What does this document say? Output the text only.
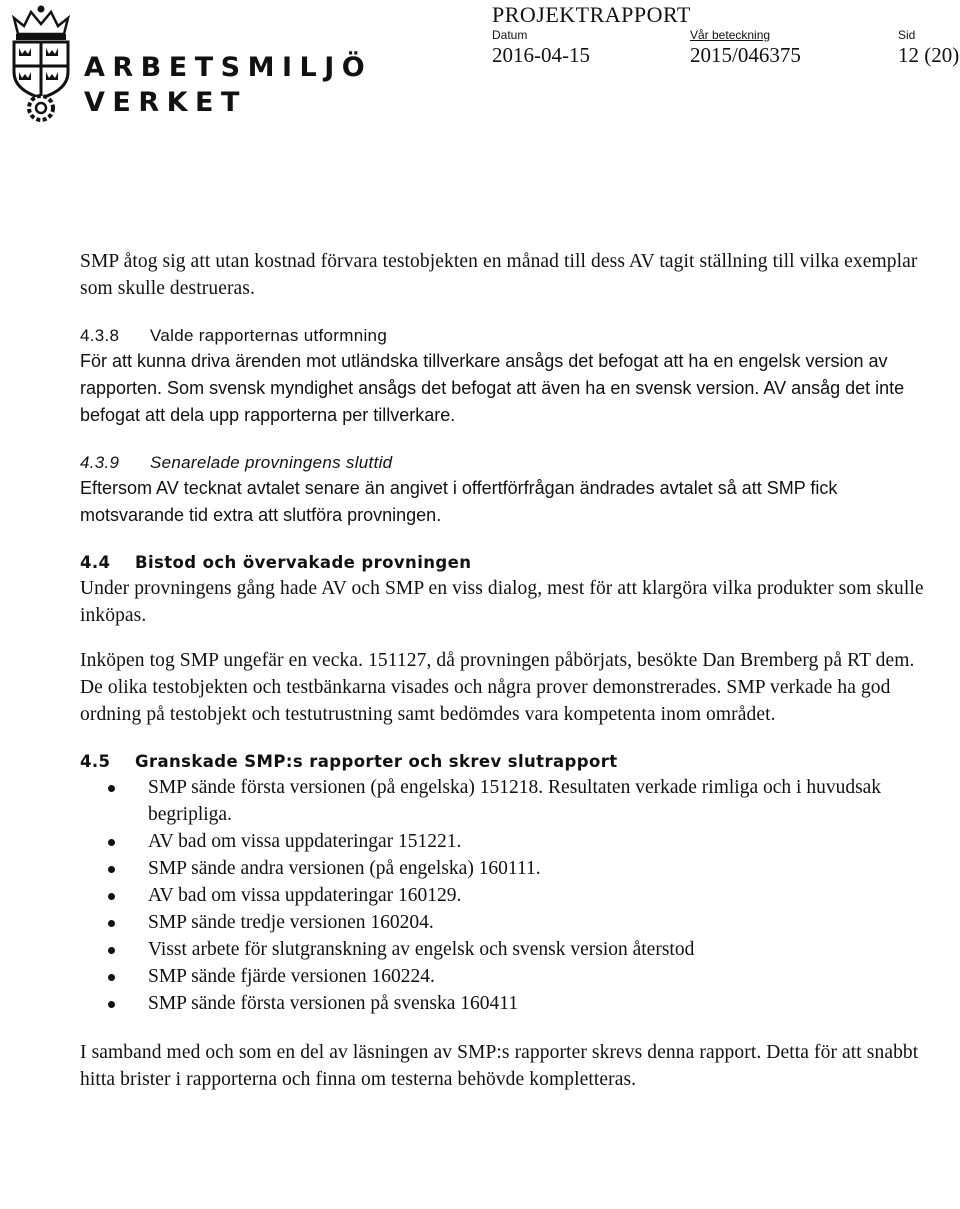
ARBETSMILJÖ
VERKET
PROJEKTRAPPORT
Datum	Vår beteckning	Sid
2016-04-15	2015/046375	12 (20)

SMP åtog sig att utan kostnad förvara testobjekten en månad till dess AV tagit ställning till vilka exemplar som skulle destrueras.

4.3.8	Valde rapporternas utformning

För att kunna driva ärenden mot utländska tillverkare ansågs det befogat att ha en engelsk version av rapporten. Som svensk myndighet ansågs det befogat att även ha en svensk version. AV ansåg det inte befogat att dela upp rapporterna per tillverkare.

4.3.9	Senarelade provningens sluttid

Eftersom AV tecknat avtalet senare än angivet i offertförfrågan ändrades avtalet så att SMP fick motsvarande tid extra att slutföra provningen.

4.4	Bistod och övervakade provningen

Under provningens gång hade AV och SMP en viss dialog, mest för att klargöra vilka produkter som skulle inköpas.

Inköpen tog SMP ungefär en vecka. 151127, då provningen påbörjats, besökte Dan Bremberg på RT dem. De olika testobjekten och testbänkarna visades och några prover demonstrerades. SMP verkade ha god ordning på testobjekt och testutrustning samt bedömdes vara kompetenta inom området.

4.5	Granskade SMP:s rapporter och skrev slutrapport
SMP sände första versionen (på engelska) 151218. Resultaten verkade rimliga och i huvudsak begripliga.
AV bad om vissa uppdateringar 151221.
SMP sände andra versionen (på engelska) 160111.
AV bad om vissa uppdateringar 160129.
SMP sände tredje versionen 160204.
Visst arbete för slutgranskning av engelsk och svensk version återstod
SMP sände fjärde versionen 160224.
SMP sände första versionen på svenska 160411

I samband med och som en del av läsningen av SMP:s rapporter skrevs denna rapport. Detta för att snabbt hitta brister i rapporterna och finna om testerna behövde kompletteras.
